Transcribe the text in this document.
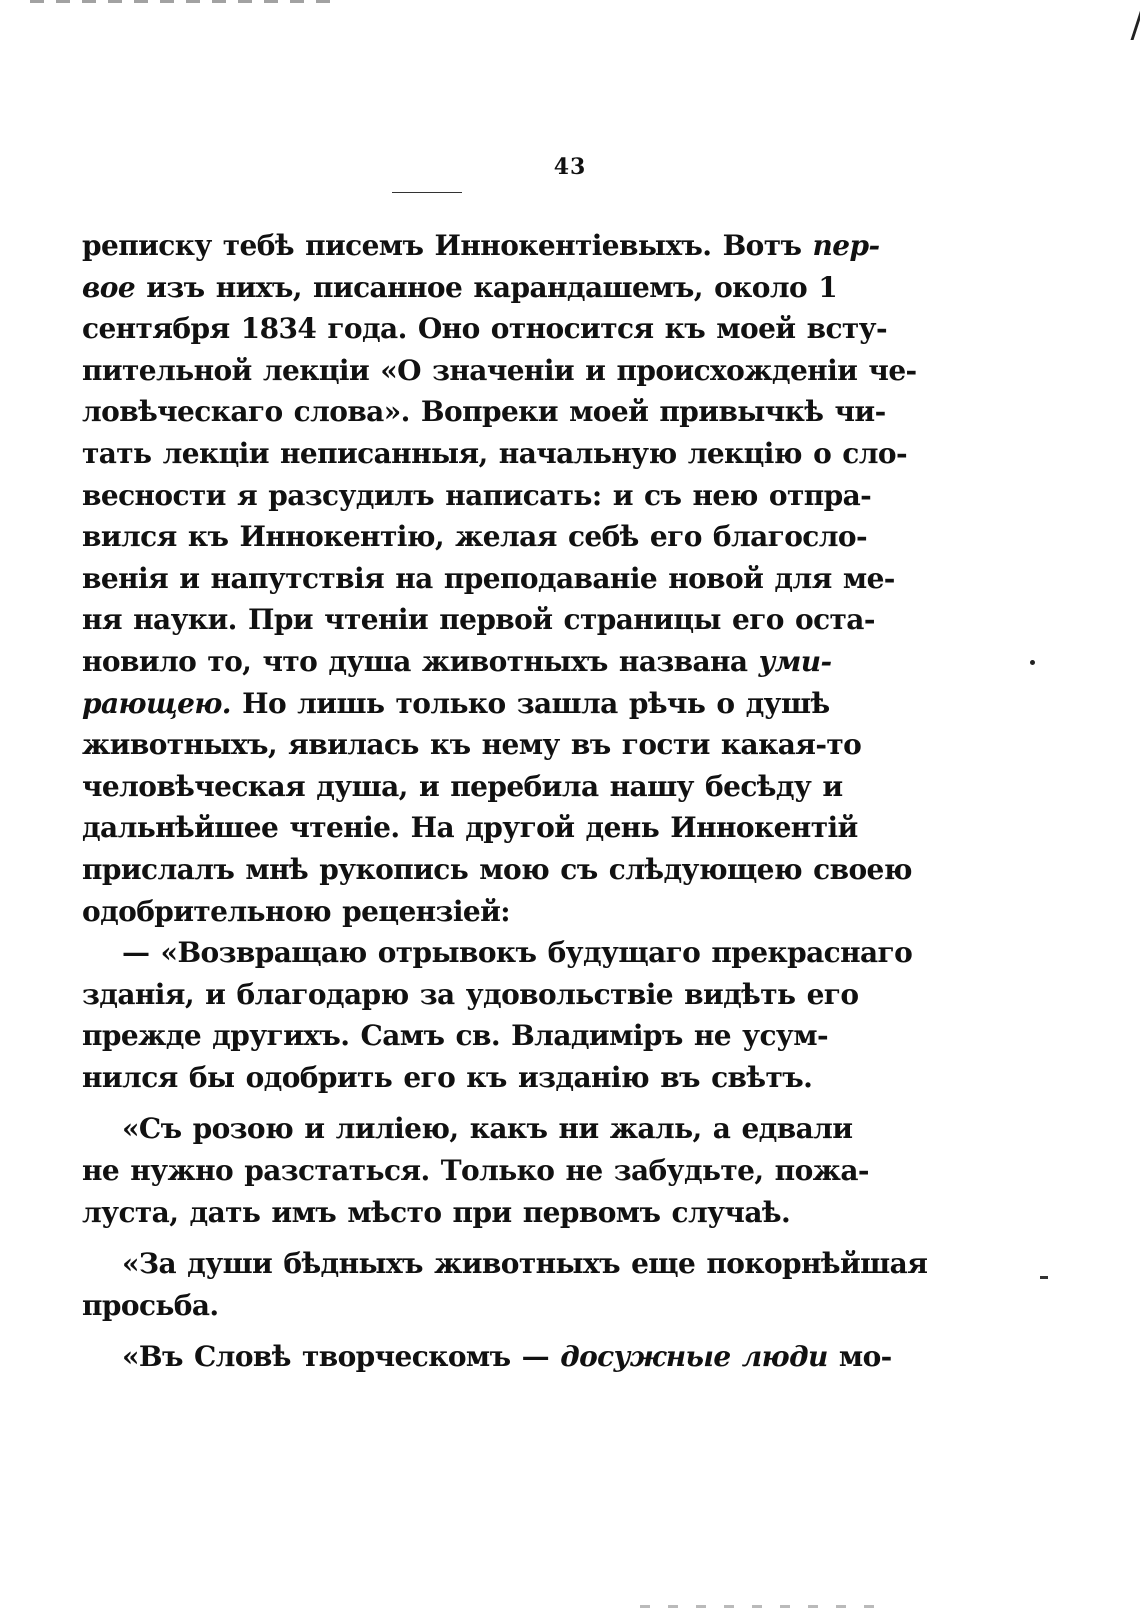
43
реписку тебѣ писемъ Иннокентіевыхъ. Вотъ пер-
вое изъ нихъ, писанное карандашемъ, около 1
сентября 1834 года. Оно относится къ моей всту-
пительной лекціи «О значеніи и происхожденіи че-
ловѣческаго слова». Вопреки моей привычкѣ чи-
тать лекціи неписанныя, начальную лекцію о сло-
весности я разсудилъ написать: и съ нею отпра-
вился къ Иннокентію, желая себѣ его благосло-
венія и напутствія на преподаваніе новой для ме-
ня науки. При чтеніи первой страницы его оста-
новило то, что душа животныхъ названа уми-
рающею. Но лишь только зашла рѣчь о душѣ
животныхъ, явилась къ нему въ гости какая-то
человѣческая душа, и перебила нашу бесѣду и
дальнѣйшее чтеніе. На другой день Иннокентій
прислалъ мнѣ рукопись мою съ слѣдующею своею
одобрительною рецензіей:
— «Возвращаю отрывокъ будущаго прекраснаго
зданія, и благодарю за удовольствіе видѣть его
прежде другихъ. Самъ св. Владиміръ не усум-
нился бы одобрить его къ изданію въ свѣтъ.
«Съ розою и лиліею, какъ ни жаль, а едвали
не нужно разстаться. Только не забудьте, пожа-
луста, дать имъ мѣсто при первомъ случаѣ.
«За души бѣдныхъ животныхъ еще покорнѣйшая
просьба.
«Въ Словѣ творческомъ — досужные люди мо-
